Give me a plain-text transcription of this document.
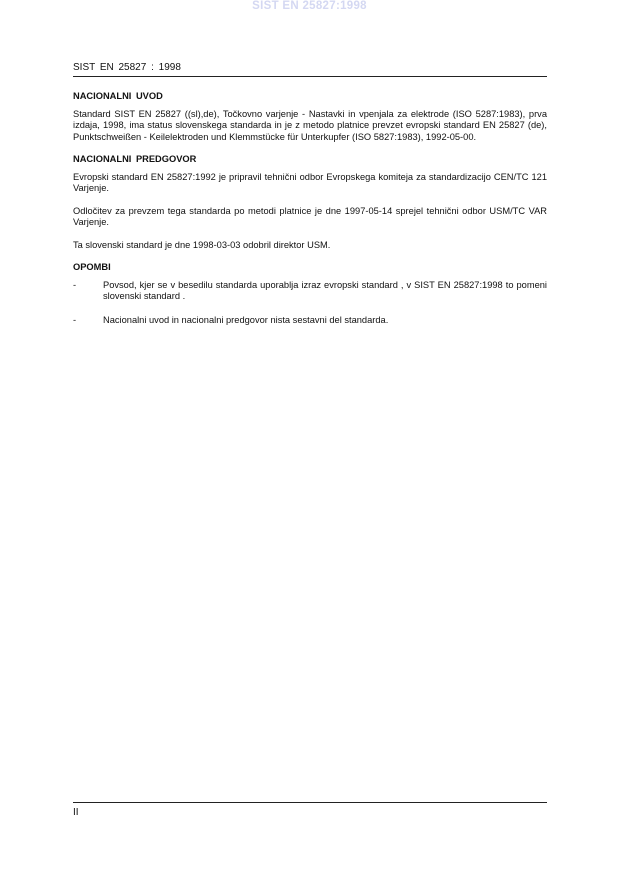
SIST EN 25827:1998
SIST EN 25827 : 1998
NACIONALNI UVOD

Standard SIST EN 25827 ((sl),de), Točkovno varjenje - Nastavki in vpenjala za elektrode (ISO 5287:1983), prva izdaja, 1998, ima status slovenskega standarda in je z metodo platnice prevzet evropski standard EN 25827 (de), Punktschweißen - Keilelektroden und Klemmstücke für Unterkupfer (ISO 5827:1983), 1992-05-00.

NACIONALNI PREDGOVOR

Evropski standard EN 25827:1992 je pripravil tehnični odbor Evropskega komiteja za standardizacijo CEN/TC 121 Varjenje.

Odločitev za prevzem tega standarda po metodi platnice je dne 1997-05-14 sprejel tehnični odbor USM/TC VAR Varjenje.

Ta slovenski standard je dne 1998-03-03 odobril direktor USM.

OPOMBI
-	Povsod, kjer se v besedilu standarda uporablja izraz evropski standard , v SIST EN 25827:1998 to pomeni slovenski standard .
-	Nacionalni uvod in nacionalni predgovor nista sestavni del standarda.
II
